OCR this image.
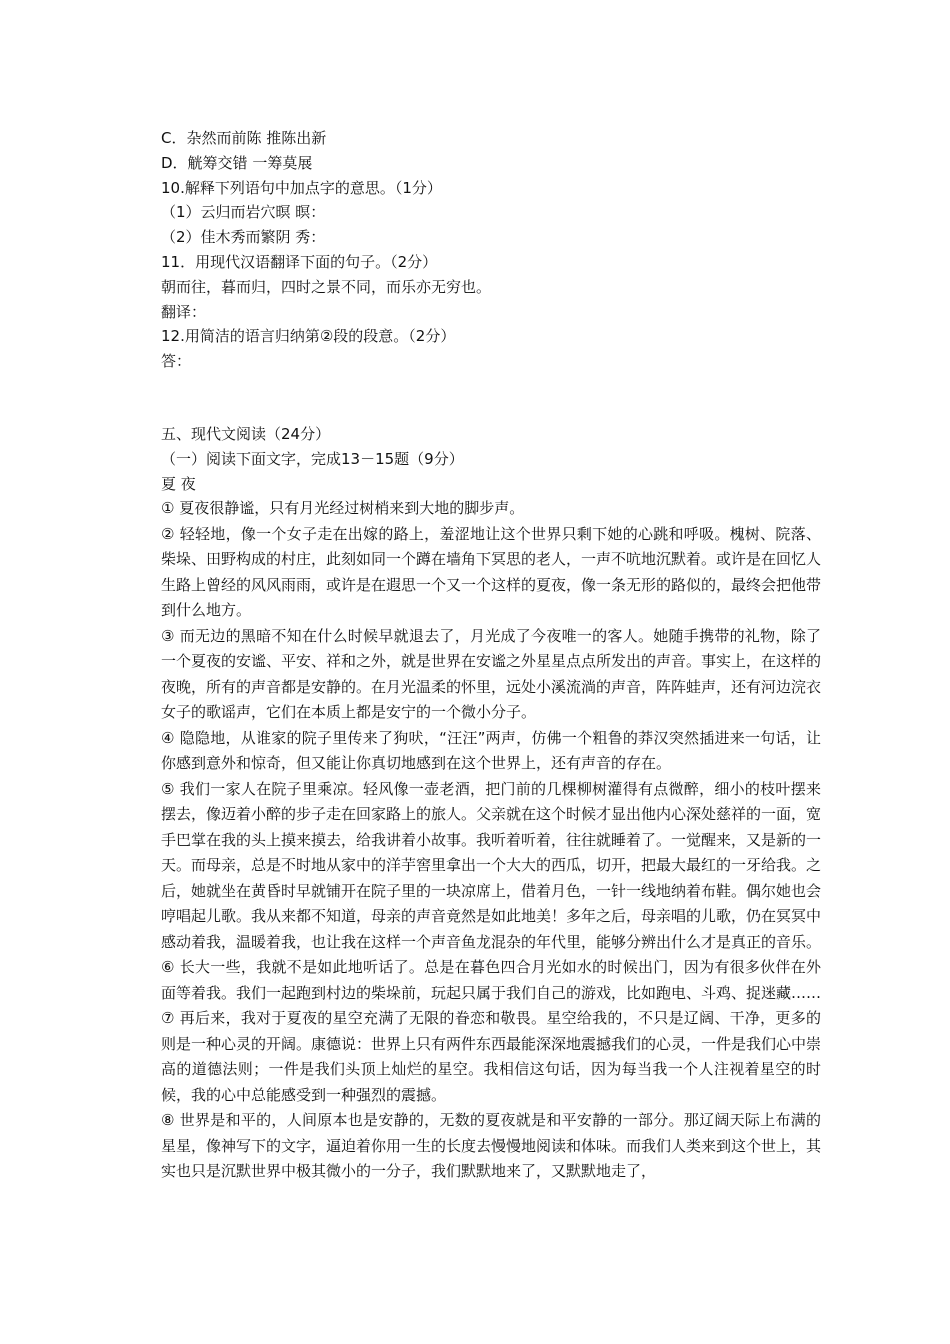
C．杂然而前陈 推陈出新
D．觥筹交错 一筹莫展
10.解释下列语句中加点字的意思。（1分）
（1）云归而岩穴暝 暝：
（2）佳木秀而繁阴 秀：
11．用现代汉语翻译下面的句子。（2分）
朝而往，暮而归，四时之景不同，而乐亦无穷也。
翻译：
12.用简洁的语言归纳第②段的段意。（2分）
答：
五、现代文阅读（24分）
（一）阅读下面文字，完成13－15题（9分）
夏 夜
① 夏夜很静谧，只有月光经过树梢来到大地的脚步声。
② 轻轻地，像一个女子走在出嫁的路上，羞涩地让这个世界只剩下她的心跳和呼吸。槐树、院落、柴垛、田野构成的村庄，此刻如同一个蹲在墙角下冥思的老人，一声不吭地沉默着。或许是在回忆人生路上曾经的风风雨雨，或许是在遐思一个又一个这样的夏夜，像一条无形的路似的，最终会把他带到什么地方。
③ 而无边的黑暗不知在什么时候早就退去了，月光成了今夜唯一的客人。她随手携带的礼物，除了一个夏夜的安谧、平安、祥和之外，就是世界在安谧之外星星点点所发出的声音。事实上，在这样的夜晚，所有的声音都是安静的。在月光温柔的怀里，远处小溪流淌的声音，阵阵蛙声，还有河边浣衣女子的歌谣声，它们在本质上都是安宁的一个微小分子。
④ 隐隐地，从谁家的院子里传来了狗吠，“汪汪”两声，仿佛一个粗鲁的莽汉突然插进来一句话，让你感到意外和惊奇，但又能让你真切地感到在这个世界上，还有声音的存在。
⑤ 我们一家人在院子里乘凉。轻风像一壶老酒，把门前的几棵柳树灌得有点微醉，细小的枝叶摆来摆去，像迈着小醉的步子走在回家路上的旅人。父亲就在这个时候才显出他内心深处慈祥的一面，宽手巴掌在我的头上摸来摸去，给我讲着小故事。我听着听着，往往就睡着了。一觉醒来，又是新的一天。而母亲，总是不时地从家中的洋芋窖里拿出一个大大的西瓜，切开，把最大最红的一牙给我。之后，她就坐在黄昏时早就铺开在院子里的一块凉席上，借着月色，一针一线地纳着布鞋。偶尔她也会哼唱起儿歌。我从来都不知道，母亲的声音竟然是如此地美！多年之后，母亲唱的儿歌，仍在冥冥中感动着我，温暖着我，也让我在这样一个声音鱼龙混杂的年代里，能够分辨出什么才是真正的音乐。
⑥ 长大一些，我就不是如此地听话了。总是在暮色四合月光如水的时候出门，因为有很多伙伴在外面等着我。我们一起跑到村边的柴垛前，玩起只属于我们自己的游戏，比如跑电、斗鸡、捉迷藏……
⑦ 再后来，我对于夏夜的星空充满了无限的眷恋和敬畏。星空给我的，不只是辽阔、干净，更多的则是一种心灵的开阔。康德说：世界上只有两件东西最能深深地震撼我们的心灵，一件是我们心中崇高的道德法则；一件是我们头顶上灿烂的星空。我相信这句话，因为每当我一个人注视着星空的时候，我的心中总能感受到一种强烈的震撼。
⑧ 世界是和平的，人间原本也是安静的，无数的夏夜就是和平安静的一部分。那辽阔天际上布满的星星，像神写下的文字，逼迫着你用一生的长度去慢慢地阅读和体味。而我们人类来到这个世上，其实也只是沉默世界中极其微小的一分子，我们默默地来了，又默默地走了，
